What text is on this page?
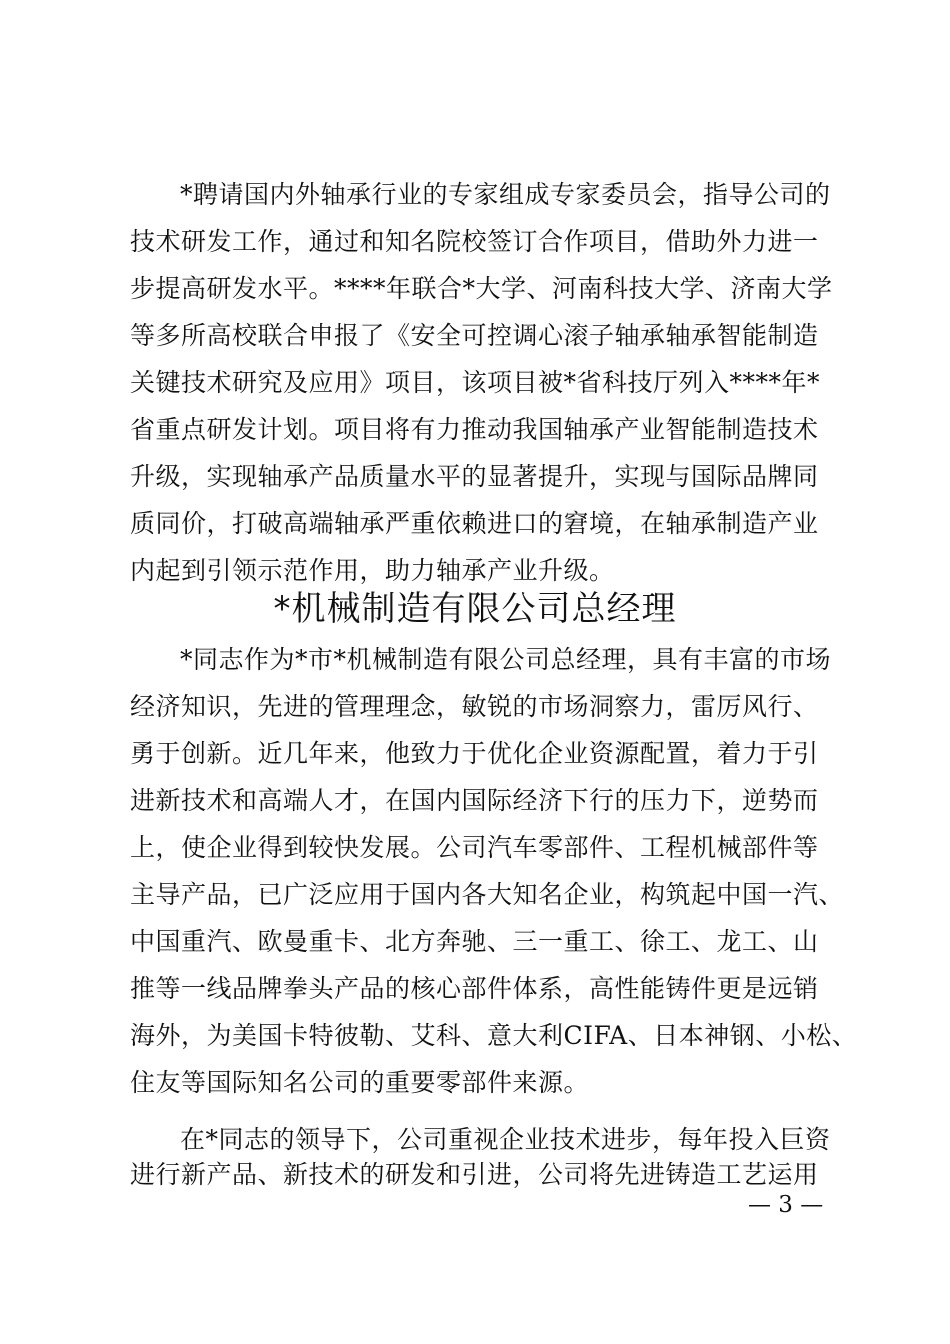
*聘请国内外轴承行业的专家组成专家委员会，指导公司的
技术研发工作，通过和知名院校签订合作项目，借助外力进一
步提高研发水平。****年联合*大学、河南科技大学、济南大学
等多所高校联合申报了《安全可控调心滚子轴承轴承智能制造
关键技术研究及应用》项目，该项目被*省科技厅列入****年*
省重点研发计划。项目将有力推动我国轴承产业智能制造技术
升级，实现轴承产品质量水平的显著提升，实现与国际品牌同
质同价，打破高端轴承严重依赖进口的窘境，在轴承制造产业
内起到引领示范作用，助力轴承产业升级。
*机械制造有限公司总经理
*同志作为*市*机械制造有限公司总经理，具有丰富的市场
经济知识，先进的管理理念，敏锐的市场洞察力，雷厉风行、
勇于创新。近几年来，他致力于优化企业资源配置，着力于引
进新技术和高端人才，在国内国际经济下行的压力下，逆势而
上，使企业得到较快发展。公司汽车零部件、工程机械部件等
主导产品，已广泛应用于国内各大知名企业，构筑起中国一汽、
中国重汽、欧曼重卡、北方奔驰、三一重工、徐工、龙工、山
推等一线品牌拳头产品的核心部件体系，高性能铸件更是远销
海外，为美国卡特彼勒、艾科、意大利CIFA、日本神钢、小松、
住友等国际知名公司的重要零部件来源。
在*同志的领导下，公司重视企业技术进步，每年投入巨资
进行新产品、新技术的研发和引进，公司将先进铸造工艺运用
— 3 —
